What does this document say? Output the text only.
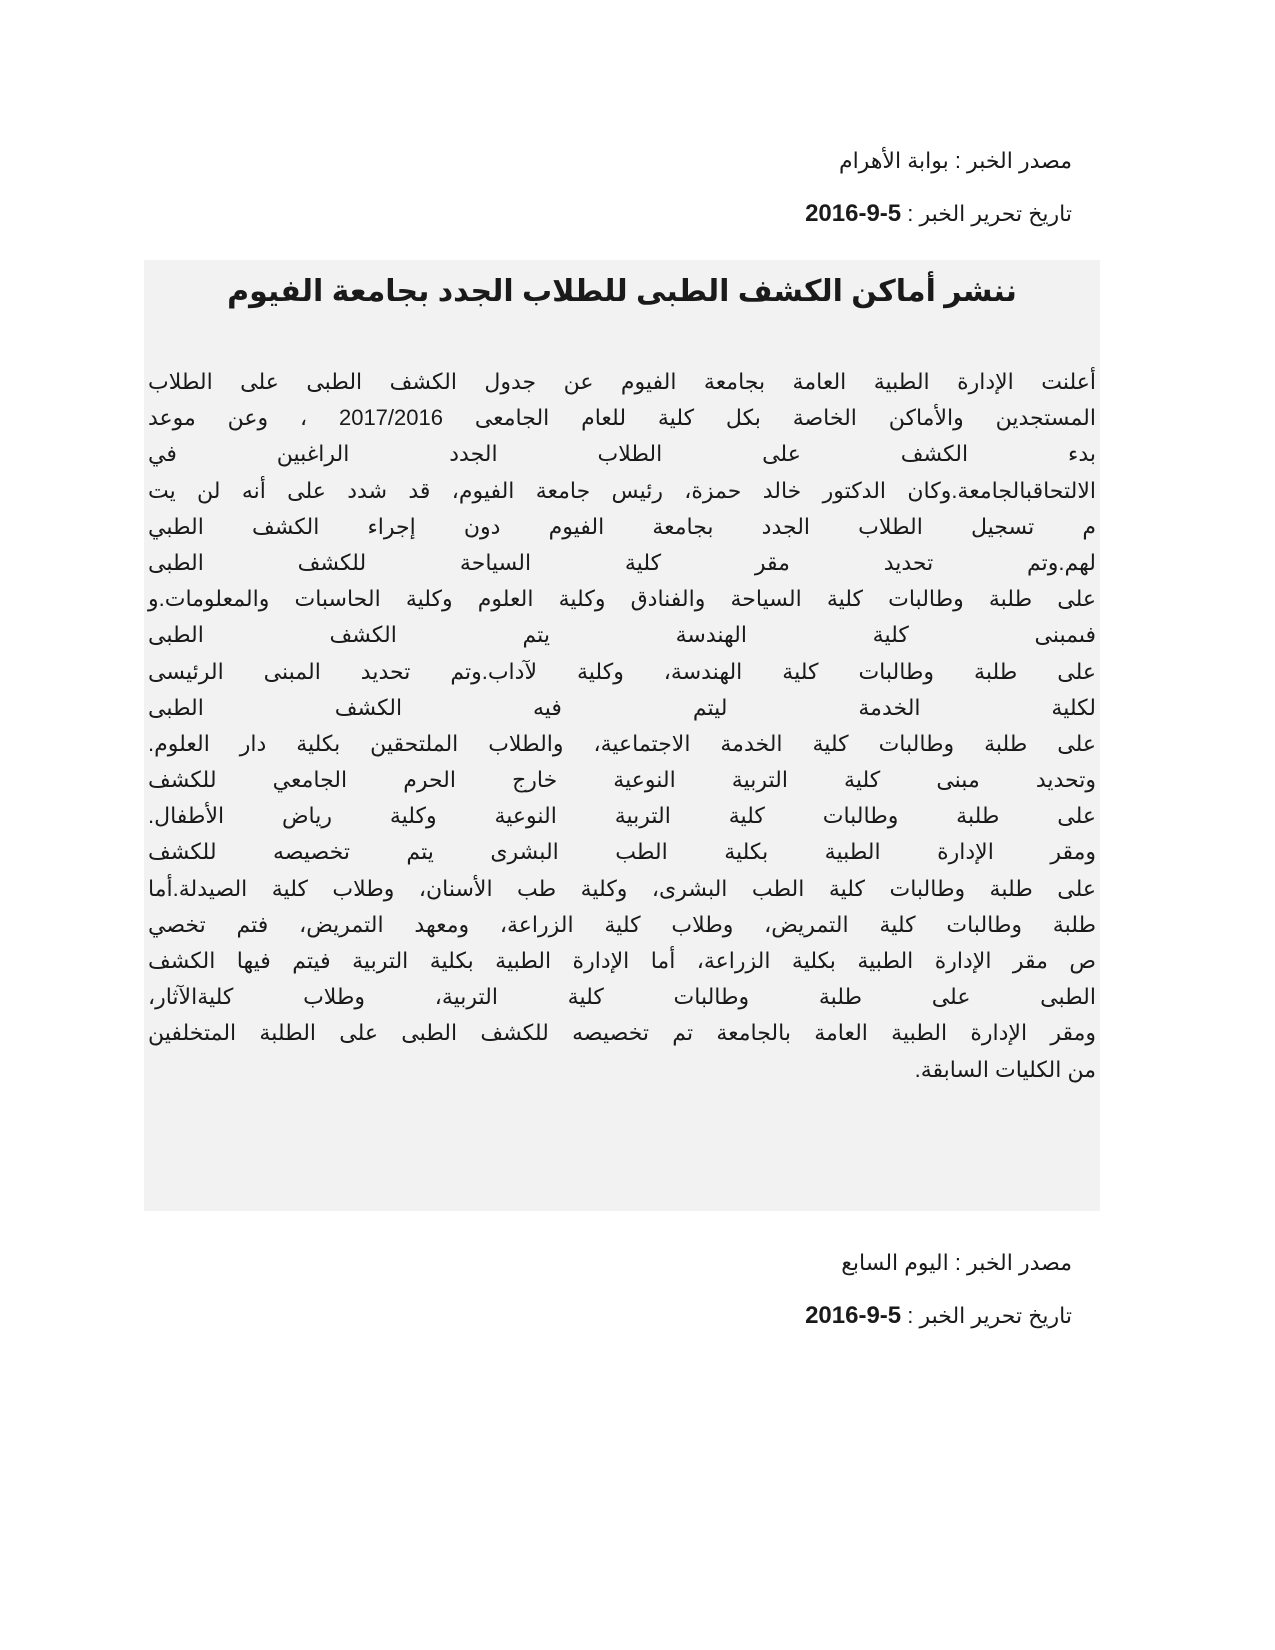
مصدر الخبر : بوابة الأهرام
تاريخ تحرير الخبر : 2016-9-5
ننشر أماكن الكشف الطبى للطلاب الجدد بجامعة الفيوم
أعلنت الإدارة الطبية العامة بجامعة الفيوم عن جدول الكشف الطبى على الطلاب
المستجدين والأماكن الخاصة بكل كلية للعام الجامعى 2017/2016 ، وعن موعد
بدء الكشف على الطلاب الجدد الراغبين في
الالتحاقبالجامعة.وكان الدكتور خالد حمزة، رئيس جامعة الفيوم، قد شدد على أنه لن يت
م تسجيل الطلاب الجدد بجامعة الفيوم دون إجراء الكشف الطبي
لهم.وتم تحديد مقر كلية السياحة للكشف الطبى
على طلبة وطالبات كلية السياحة والفنادق وكلية العلوم وكلية الحاسبات والمعلومات.و
فىمبنى كلية الهندسة يتم الكشف الطبى
على طلبة وطالبات كلية الهندسة، وكلية لآداب.وتم تحديد المبنى الرئيسى
لكلية الخدمة ليتم فيه الكشف الطبى
على طلبة وطالبات كلية الخدمة الاجتماعية، والطلاب الملتحقين بكلية دار العلوم.
وتحديد مبنى كلية التربية النوعية خارج الحرم الجامعي للكشف
على طلبة وطالبات كلية التربية النوعية وكلية رياض الأطفال.
ومقر الإدارة الطبية بكلية الطب البشرى يتم تخصيصه للكشف
على طلبة وطالبات كلية الطب البشرى، وكلية طب الأسنان، وطلاب كلية الصيدلة.أما
طلبة وطالبات كلية التمريض، وطلاب كلية الزراعة، ومعهد التمريض، فتم تخصي
ص مقر الإدارة الطبية بكلية الزراعة، أما الإدارة الطبية بكلية التربية فيتم فيها الكشف
الطبى على طلبة وطالبات كلية التربية، وطلاب كليةالآثار،
ومقر الإدارة الطبية العامة بالجامعة تم تخصيصه للكشف الطبى على الطلبة المتخلفين
من الكليات السابقة.
مصدر الخبر : اليوم السابع
تاريخ تحرير الخبر : 2016-9-5
